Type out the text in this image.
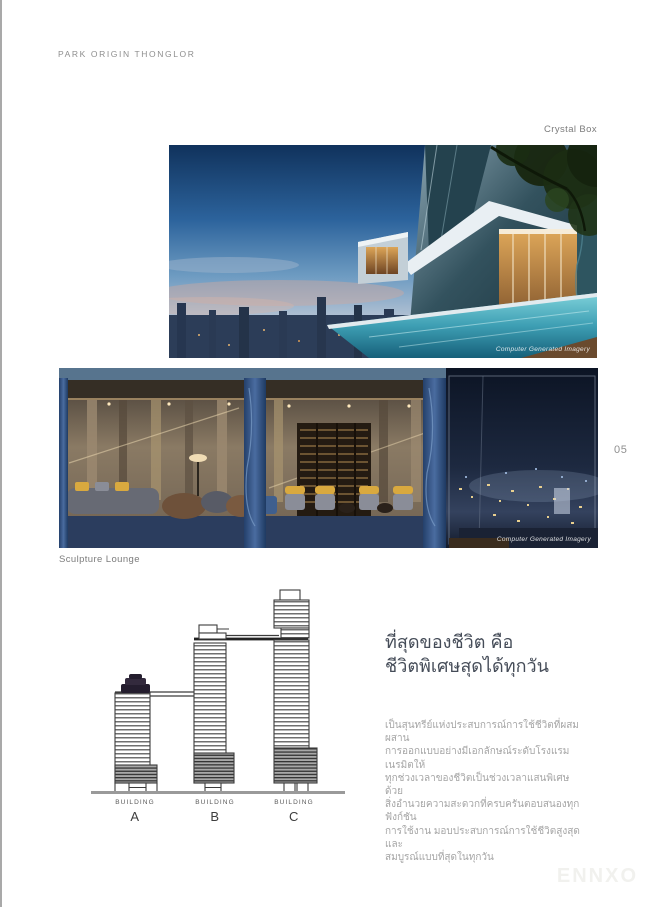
PARK ORIGIN THONGLOR
Crystal Box
Computer Generated Imagery
Computer Generated Imagery
Sculpture Lounge
05
BUILDING
A
BUILDING
B
BUILDING
C
ที่สุดของชีวิต คือ
ชีวิตพิเศษสุดได้ทุกวัน
เป็นสุนทรีย์แห่งประสบการณ์การใช้ชีวิตที่ผสมผสาน
การออกแบบอย่างมีเอกลักษณ์ระดับโรงแรมเนรมิตให้
ทุกช่วงเวลาของชีวิตเป็นช่วงเวลาแสนพิเศษ ด้วย
สิ่งอำนวยความสะดวกที่ครบครันตอบสนองทุกฟังก์ชัน
การใช้งาน มอบประสบการณ์การใช้ชีวิตสูงสุด และ
สมบูรณ์แบบที่สุดในทุกวัน
ENNXO
